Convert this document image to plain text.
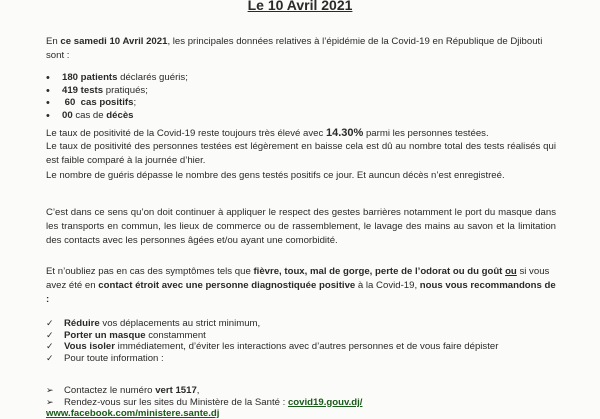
Le 10 Avril 2021
En ce samedi 10 Avril 2021, les principales données relatives à l’épidémie de la Covid-19 en République de Djibouti sont :
• 180 patients déclarés guéris;
• 419 tests pratiqués;
•  60  cas positifs;
• 00 cas de décès
Le taux de positivité de la Covid-19 reste toujours très élevé avec 14.30% parmi les personnes testées.
Le taux de positivité des personnes testées est légèrement en baisse cela est dû au nombre total des tests réalisés qui est faible comparé à la journée d’hier.
Le nombre de guéris dépasse le nombre des gens testés positifs ce jour. Et auncun décès n’est enregistreé.
C’est dans ce sens qu’on doit continuer à appliquer le respect des gestes barrières notamment le port du masque dans les transports en commun, les lieux de commerce ou de rassemblement, le lavage des mains au savon et la limitation des contacts avec les personnes âgées et/ou ayant une comorbidité.
Et n’oubliez pas en cas des symptômes tels que fièvre, toux, mal de gorge, perte de l’odorat ou du goût ou si vous avez été en contact étroit avec une personne diagnostiquée positive à la Covid-19, nous vous recommandons de :
✓ Réduire vos déplacements au strict minimum,
✓ Porter un masque constamment
✓ Vous isoler immédiatement, d’éviter les interactions avec d’autres personnes et de vous faire dépister
✓ Pour toute information :
➢ Contactez le numéro vert 1517,
➢ Rendez-vous sur les sites du Ministère de la Santé : covid19.gouv.dj/
www.facebook.com/ministere.sante.dj
